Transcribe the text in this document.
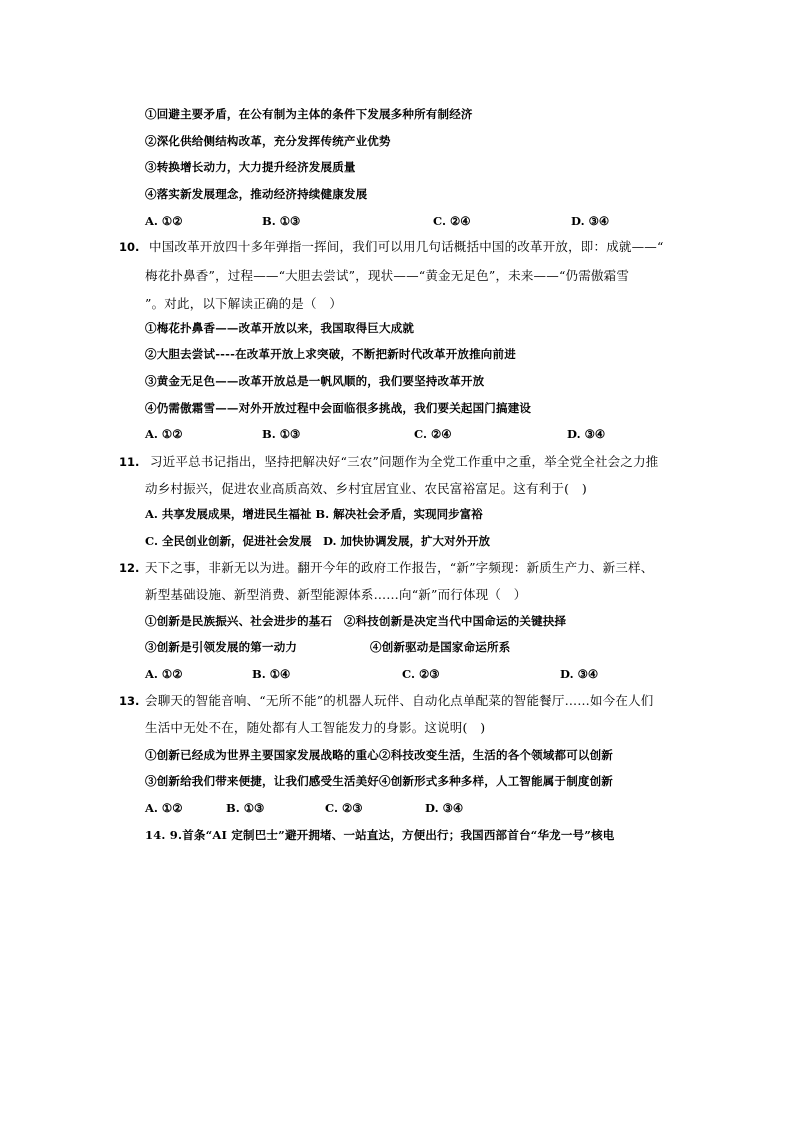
①回避主要矛盾，在公有制为主体的条件下发展多种所有制经济
②深化供给侧结构改革，充分发挥传统产业优势
③转换增长动力，大力提升经济发展质量
④落实新发展理念，推动经济持续健康发展
A. ①②	B. ①③	C. ②④	D. ③④
10. 中国改革开放四十多年弹指一挥间，我们可以用几句话概括中国的改革开放，即：成就——“
梅花扑鼻香”，过程——“大胆去尝试”，现状——“黄金无足色”，未来——“仍需傲霜雪
”。对此，以下解读正确的是（　）
①梅花扑鼻香——改革开放以来，我国取得巨大成就
②大胆去尝试----在改革开放上求突破，不断把新时代改革开放推向前进
③黄金无足色——改革开放总是一帆风顺的，我们要坚持改革开放
④仍需傲霜雪——对外开放过程中会面临很多挑战，我们要关起国门搞建设
A. ①②	B. ①③	C. ②④	D. ③④
11. 习近平总书记指出，坚持把解决好“三农”问题作为全党工作重中之重，举全党全社会之力推
动乡村振兴，促进农业高质高效、乡村宜居宜业、农民富裕富足。这有利于(　)
A. 共享发展成果，增进民生福祉 B. 解决社会矛盾，实现同步富裕
C. 全民创业创新，促进社会发展　D. 加快协调发展，扩大对外开放
12. 天下之事，非新无以为进。翻开今年的政府工作报告，“新”字频现：新质生产力、新三样、
新型基础设施、新型消费、新型能源体系……向“新”而行体现（　）
①创新是民族振兴、社会进步的基石　②科技创新是决定当代中国命运的关键抉择
③创新是引领发展的第一动力	④创新驱动是国家命运所系
A. ①②	B. ①④	C. ②③	D. ③④
13. 会聊天的智能音响、“无所不能”的机器人玩伴、自动化点单配菜的智能餐厅……如今在人们
生活中无处不在，随处都有人工智能发力的身影。这说明(　)
①创新已经成为世界主要国家发展战略的重心②科技改变生活，生活的各个领域都可以创新
③创新给我们带来便捷，让我们感受生活美好④创新形式多种多样，人工智能属于制度创新
A. ①②	B. ①③	C. ②③	D. ③④
14. 9.首条“AI 定制巴士”避开拥堵、一站直达，方便出行；我国西部首台“华龙一号”核电
